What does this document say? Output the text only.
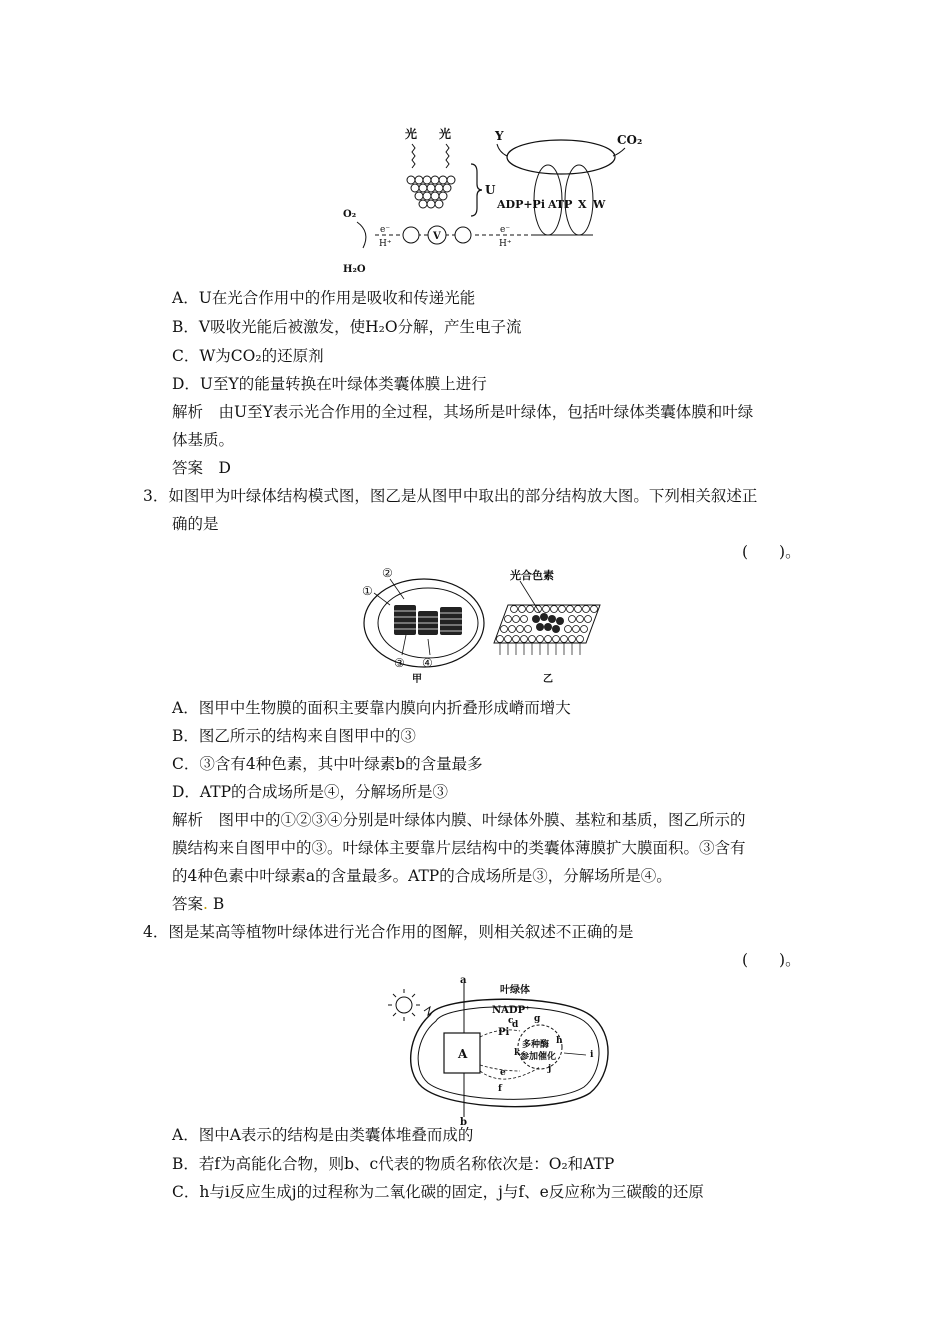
光 光
U
Y	CO₂
ADP+Pi ATP X W
V
e⁻
H⁺
e⁻
H⁺
O₂
H₂O
A．U在光合作用中的作用是吸收和传递光能
B．V吸收光能后被激发，使H₂O分解，产生电子流
C．W为CO₂的还原剂
D．U至Y的能量转换在叶绿体类囊体膜上进行
解析　由U至Y表示光合作用的全过程，其场所是叶绿体，包括叶绿体类囊体膜和叶绿
体基质。
答案　D
3．如图甲为叶绿体结构模式图，图乙是从图甲中取出的部分结构放大图。下列相关叙述正
确的是
(　　)。
②
①
③ ④
甲
光合色素
乙
A．图甲中生物膜的面积主要靠内膜向内折叠形成嵴而增大
B．图乙所示的结构来自图甲中的③
C．③含有4种色素，其中叶绿素b的含量最多
D．ATP的合成场所是④，分解场所是③
解析　图甲中的①②③④分别是叶绿体内膜、叶绿体外膜、基粒和基质，图乙所示的
膜结构来自图甲中的③。叶绿体主要靠片层结构中的类囊体薄膜扩大膜面积。③含有
的4种色素中叶绿素a的含量最多。ATP的合成场所是③，分解场所是④。
答案. B
4．图是某高等植物叶绿体进行光合作用的图解，则相关叙述不正确的是
(　　)。
A
a
b
叶绿体
NADP⁺
c g
Pi
d
h
多种酶
参加催化
k	i
e	j
f
A．图中A表示的结构是由类囊体堆叠而成的
B．若f为高能化合物，则b、c代表的物质名称依次是：O₂和ATP
C．h与i反应生成j的过程称为二氧化碳的固定，j与f、e反应称为三碳酸的还原
